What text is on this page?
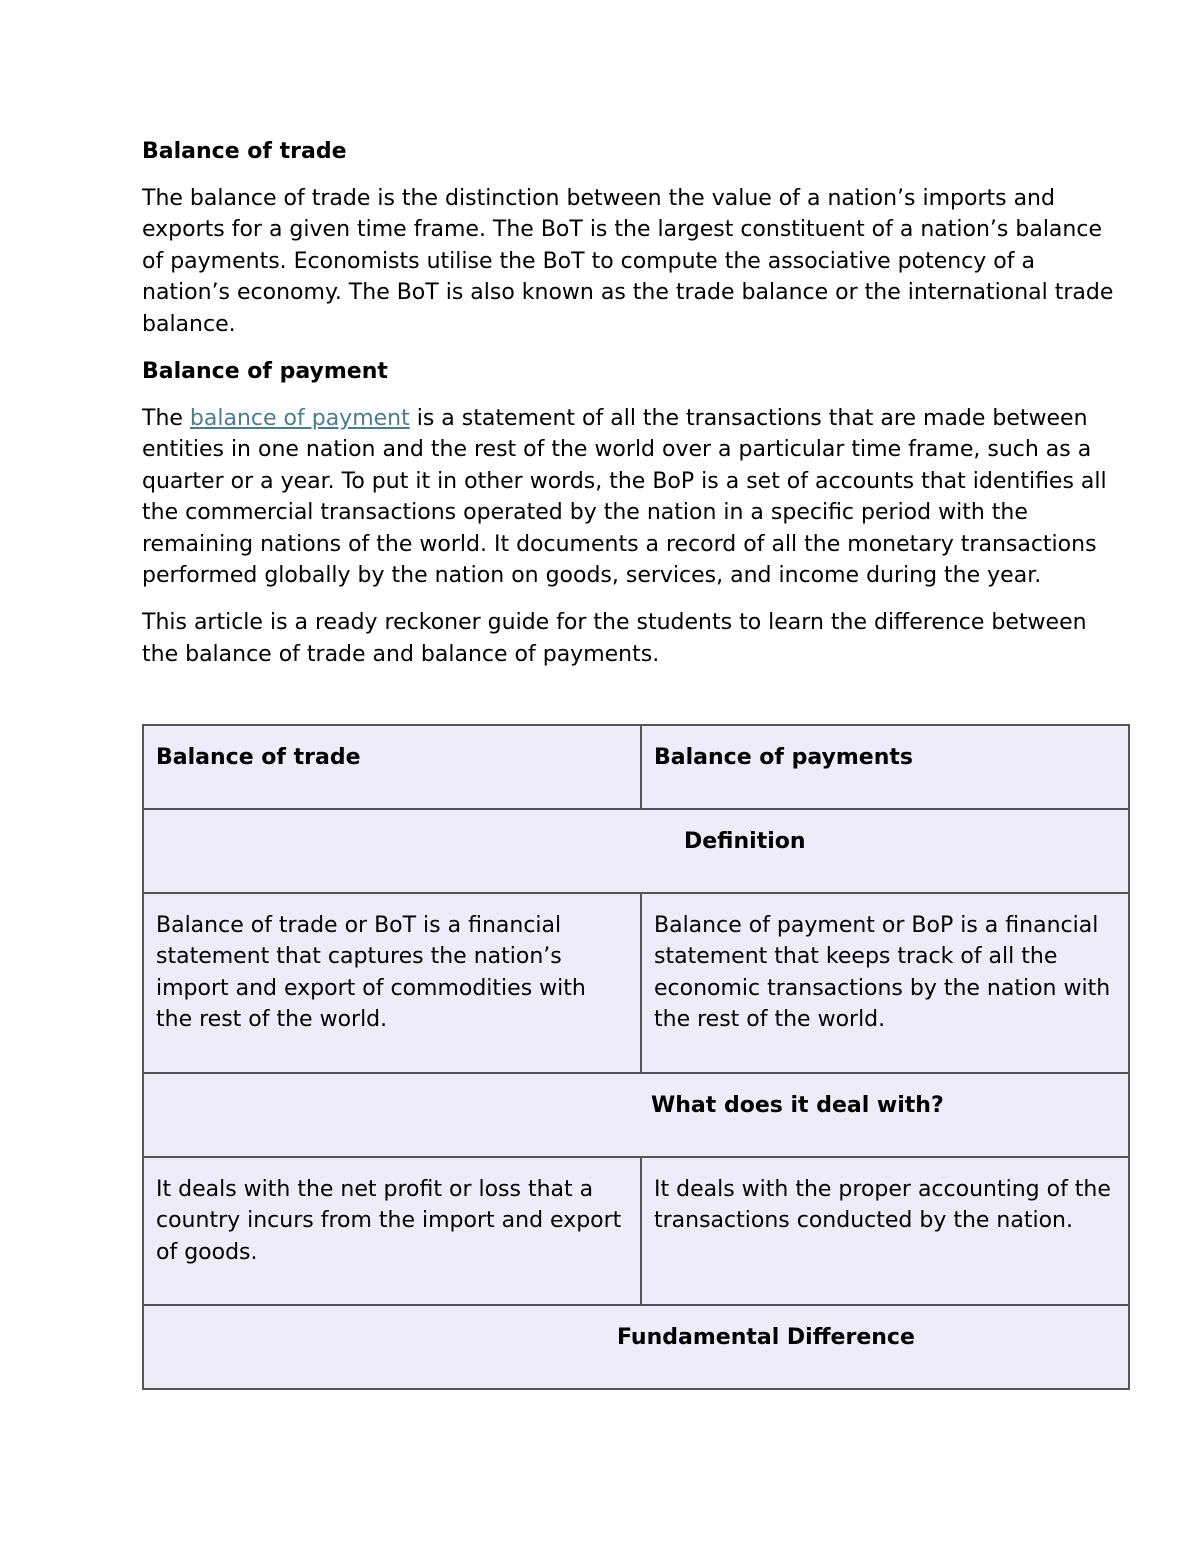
Balance of trade

The balance of trade is the distinction between the value of a nation’s imports and exports for a given time frame. The BoT is the largest constituent of a nation’s balance of payments. Economists utilise the BoT to compute the associative potency of a nation’s economy. The BoT is also known as the trade balance or the international trade balance.

Balance of payment

The balance of payment is a statement of all the transactions that are made between entities in one nation and the rest of the world over a particular time frame, such as a quarter or a year. To put it in other words, the BoP is a set of accounts that identifies all the commercial transactions operated by the nation in a specific period with the remaining nations of the world. It documents a record of all the monetary transactions performed globally by the nation on goods, services, and income during the year.

This article is a ready reckoner guide for the students to learn the difference between the balance of trade and balance of payments.

Balance of trade	Balance of payments
Definition	
Balance of trade or BoT is a financial statement that captures the nation’s import and export of commodities with the rest of the world.	Balance of payment or BoP is a financial statement that keeps track of all the economic transactions by the nation with the rest of the world.
What does it deal with?	
It deals with the net profit or loss that a country incurs from the import and export of goods.	It deals with the proper accounting of the transactions conducted by the nation.
Fundamental Difference	
